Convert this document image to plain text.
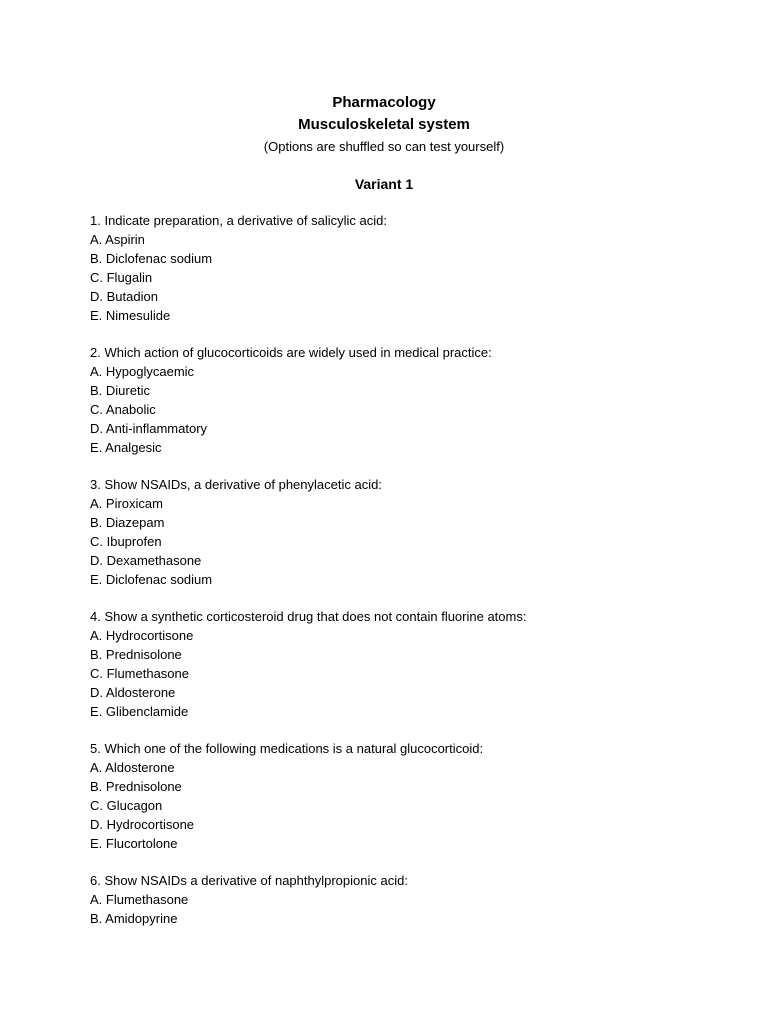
Pharmacology
Musculoskeletal system
(Options are shuffled so can test yourself)
Variant 1
1. Indicate preparation, a derivative of salicylic acid:
A. Aspirin
B. Diclofenac sodium
C. Flugalin
D. Butadion
E. Nimesulide
2. Which action of glucocorticoids are widely used in medical practice:
A. Hypoglycaemic
B. Diuretic
C. Anabolic
D. Anti-inflammatory
E. Analgesic
3. Show NSAIDs, a derivative of phenylacetic acid:
A. Piroxicam
B. Diazepam
C. Ibuprofen
D. Dexamethasone
E. Diclofenac sodium
4. Show a synthetic corticosteroid drug that does not contain fluorine atoms:
A. Hydrocortisone
B. Prednisolone
C. Flumethasone
D. Aldosterone
E. Glibenclamide
5. Which one of the following medications is a natural glucocorticoid:
A. Aldosterone
B. Prednisolone
C. Glucagon
D. Hydrocortisone
E. Flucortolone
6. Show NSAIDs a derivative of naphthylpropionic acid:
A. Flumethasone
B. Amidopyrine
